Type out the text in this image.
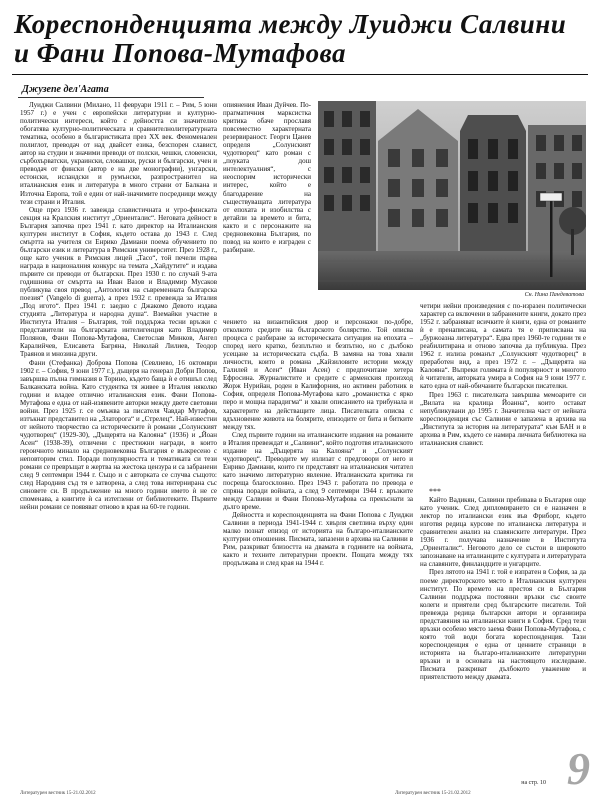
Кореспонденцията между Луиджи Салвини и Фани Попова-Мутафова
Джузепе дел'Агата

Луиджи Салвини (Милано, 11 февруари 1911 г. – Рим, 5 юни 1957 г.) е учен с европейски литературни и културно-политически интереси, който с дейността си значително обогатява културно-политическата и сравнителнолитературната тематика, особено в българистиката през XX век. Феноменален полиглот, преводач от над двайсет езика, безспорен славист, автор на студии и значими преводи от полски, чешки, словенски, сърбохърватски, украински, словашки, руски и български, учен и преводач от фински (автор е на две монографии), унгарски, естонски, исландски и румънски, разпространител на италианския език и литература в много страни от Балкана и Източна Европа, той е един от най-значимите посредници между тези страни и Италия.

Още през 1936 г. завежда славистичната и угро-финската секция на Кралския институт „Ориенталис“. Неговата дейност в България започва през 1941 г. като директор на Италианския културен институт в София, където остава до 1943 г. След смъртта на учителя си Енрико Дамиани поема обучението по български език и литература в Римския университет. През 1928 г., още като ученик в Римския лицей „Тасо“, той печели първа награда в националния конкурс на темата „Хайдутите“ и издава първите си преводи от български. През 1930 г. по случай 9-ата годишнина от смъртта на Иван Вазов и Владимир Мусаков публикува своя превод „Антология на съвременната българска поезия“ (Vangelo di guerra), а през 1932 г. превежда за Италия „Под игото“. През 1941 г. заедно с Джакомо Девото издава студията „Литература и народна душа“. Вземайки участие в Института Италия – България, той поддържа тесни връзки с представители на българската интелигенция като Владимир Полянов, Фани Попова-Мутафова, Светослав Минков, Ангел Каралийчев, Елисавета Багряна, Николай Лилиев, Теодор Траянов и мнозина други.

Фани (Стефанка) Доброва Попова (Севлиево, 16 октомври 1902 г. – София, 9 юни 1977 г.), дъщеря на генерал Добри Попов, завършва пълна гимназия в Торино, където баща ѝ е отишъл след Балканската война. Като студентка тя живее в Италия няколко години и владее отлично италианския език. Фани Попова-Мутафова е една от най-изявените авторки между двете световни войни. През 1925 г. се омъжва за писателя Чавдар Мутафов, изтъкнат представител на „Златорога“ и „Стрелец“. Най-известни от нейното творчество са историческите ѝ романи „Солунският чудотворец“ (1929-30), „Дъщерята на Калояна“ (1936) и „Йоан Асен“ (1938-39), отличени с престижни награди, в които героичното минало на средновековна България е възкресено с неповторим стил. Поради популярността и тематиката си тези романи се превръщат в жертва на жестока цензура и са забранени след 9 септември 1944 г. Също и с авторката се случва същото: след Народния съд тя е затворена, а след това интернирана със синовете си. В продължение на много години името ѝ не се споменава, а книгите ѝ са изтеглени от библиотеките. Първите нейни романи се появяват отново в края на 60-те години.

опиянения Иван Дуйчев. По-прагматичния марксистка критика обаче прославя повсеместно характерната резервираност. Георги Цанев определя „Солунският чудотворец“ като роман с „поуката дош интелектуалния“, с неоспорим исторически интерес, който е благодарение на съществуващата литература от епохата и изобилства с детайли за времето и бита, както и с персонажите на средновековна България, по повод на които е изграден с разбиране.

Сн. Нина Пандеватова

чението на византийския двор и персонажи по-добре, отколкото средите на българското болярство. Той описва процеса с разбиране за историческата ситуация на епохата – според него кратко, безплътно и безпътно, но с дълбоко усещане за историческата съдба. В замяна на това хвали личности, които в романа „Кайзиловите истории между Галилей и Асен“ (Иван Асен) с предпочитане хетера Ефросина. Журналистите и средите с арменския произход Жорж Нурийан, роден в Калифорния, но активен работник в София, определя Попова-Мутафова като „романистка с ярко перо и мощна парадигма“ и хвали описанието на трибунала и характерите на действащите лица. Писателката описва с вдъхновение живота на болярите, епизодите от бита и битките между тях.

След първите години на италианските издания на романите в Италия превеждат и „Салвини“, който подготвя италианското издание на „Дъщерята на Калояна“ и „Солунският чудотворец“. Преводите му излизат с предговори от него и Енрико Дамиани, които ги представят на италианския читател като значимо литературно явление. Италианската критика ги посреща благосклонно. През 1943 г. работата по превода е спряна поради войната, а след 9 септември 1944 г. връзките между Салвини и Фани Попова-Мутафова са прекъснати за дълго време.

Дейността и кореспонденцията на Фани Попова с Луиджи Салвини в периода 1941-1944 г. хвърля светлина върху един малко познат епизод от историята на българо-италианските културни отношения. Писмата, запазени в архива на Салвини в Рим, разкриват близостта на двамата в годините на войната, както и техните литературни проекти. Пощата между тях продължава и след края на 1944 г.

четири нейни произведения с по-изразен политически характер са включени в забранените книги, докато през 1952 г. забраняват всичките ѝ книги, една от романите ѝ е пренаписана, а самата тя е приписвана на „буржоазна литература“. Едва през 1960-те години тя е реабилитирана и отново започва да публикува. През 1962 г. излиза романът „Солунският чудотворец“ в преработен вид, а през 1972 г. – „Дъщерята на Калояна“. Въпреки голямата ѝ популярност и многото ѝ читатели, авторката умира в София на 9 юни 1977 г. като една от най-обичаните български писателки.

През 1963 г. писателката завършва мемоарите си „Вилата на кралица Йоанна“, които остават непубликувани до 1995 г. Значителна част от нейната кореспонденция със Салвини е запазена в архива на „Института за история на литературата“ към БАН и в архива в Рим, където се намира личната библиотека на италианския славист.

***

Кайто Вадикян, Салвини пребивава в България още като ученик. След дипломирането си е назначен в лектор по италиански език във Фриборг, където изготвя редица курсове по италианска литература и сравнителен анализ на славянските литератури. През 1936 г. получава назначение в Института „Ориенталис“. Неговото дело се състои в широкото запознаване на италианците с културата и литературата на славяните, финландците и унгарците.

През лятото на 1941 г. той е изпратен в София, за да поеме директорското място в Италианския културен институт. По времето на престоя си в България Салвини поддържа постоянни връзки със своите колеги и приятели сред българските писатели. Той превежда редица български автори и организира представяния на италиански книги в София. Сред тези връзки особено място заема Фани Попова-Мутафова, с която той води богата кореспонденция. Тази кореспонденция е една от ценните страници в историята на българо-италианските литературни връзки и в основата на настоящото изследване. Писмата разкриват дълбокото уважение и приятелството между двамата.

на стр. 10 9
Литературен вестник 15-21.02.2012	Литературен вестник 15-21.02.2012
